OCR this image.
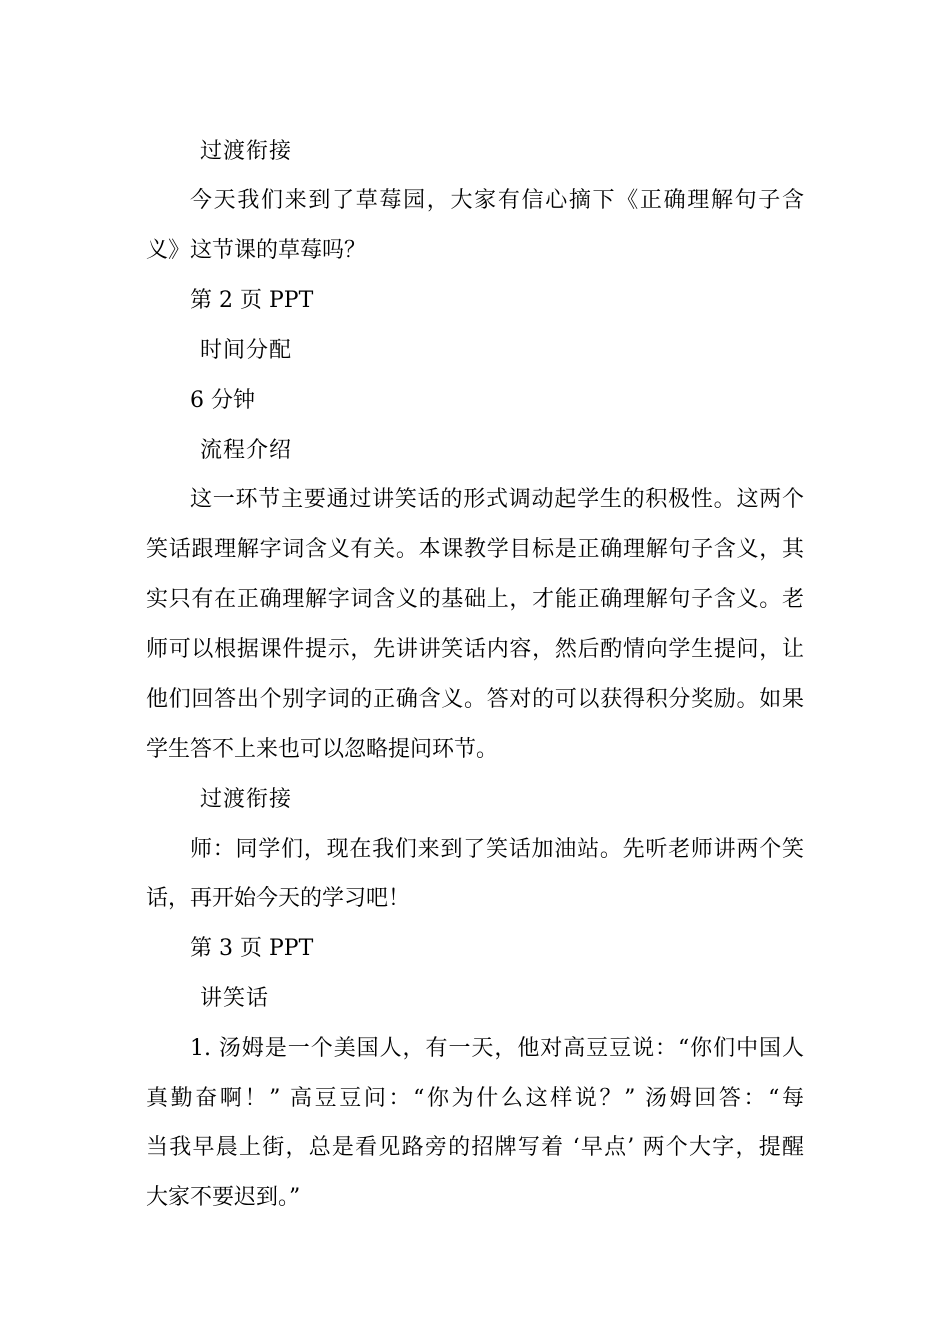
过渡衔接
今天我们来到了草莓园，大家有信心摘下《正确理解句子含
义》这节课的草莓吗？
第 2 页 PPT
时间分配
6 分钟
流程介绍
这一环节主要通过讲笑话的形式调动起学生的积极性。这两个
笑话跟理解字词含义有关。本课教学目标是正确理解句子含义，其
实只有在正确理解字词含义的基础上，才能正确理解句子含义。老
师可以根据课件提示，先讲讲笑话内容，然后酌情向学生提问，让
他们回答出个别字词的正确含义。答对的可以获得积分奖励。如果
学生答不上来也可以忽略提问环节。
过渡衔接
师：同学们，现在我们来到了笑话加油站。先听老师讲两个笑
话，再开始今天的学习吧！
第 3 页 PPT
讲笑话
1. 汤姆是一个美国人，有一天，他对高豆豆说：“你们中国人
真勤奋啊！” 高豆豆问：“你为什么这样说？” 汤姆回答：“每
当我早晨上街，总是看见路旁的招牌写着 ‘早点’ 两个大字，提醒
大家不要迟到。”
